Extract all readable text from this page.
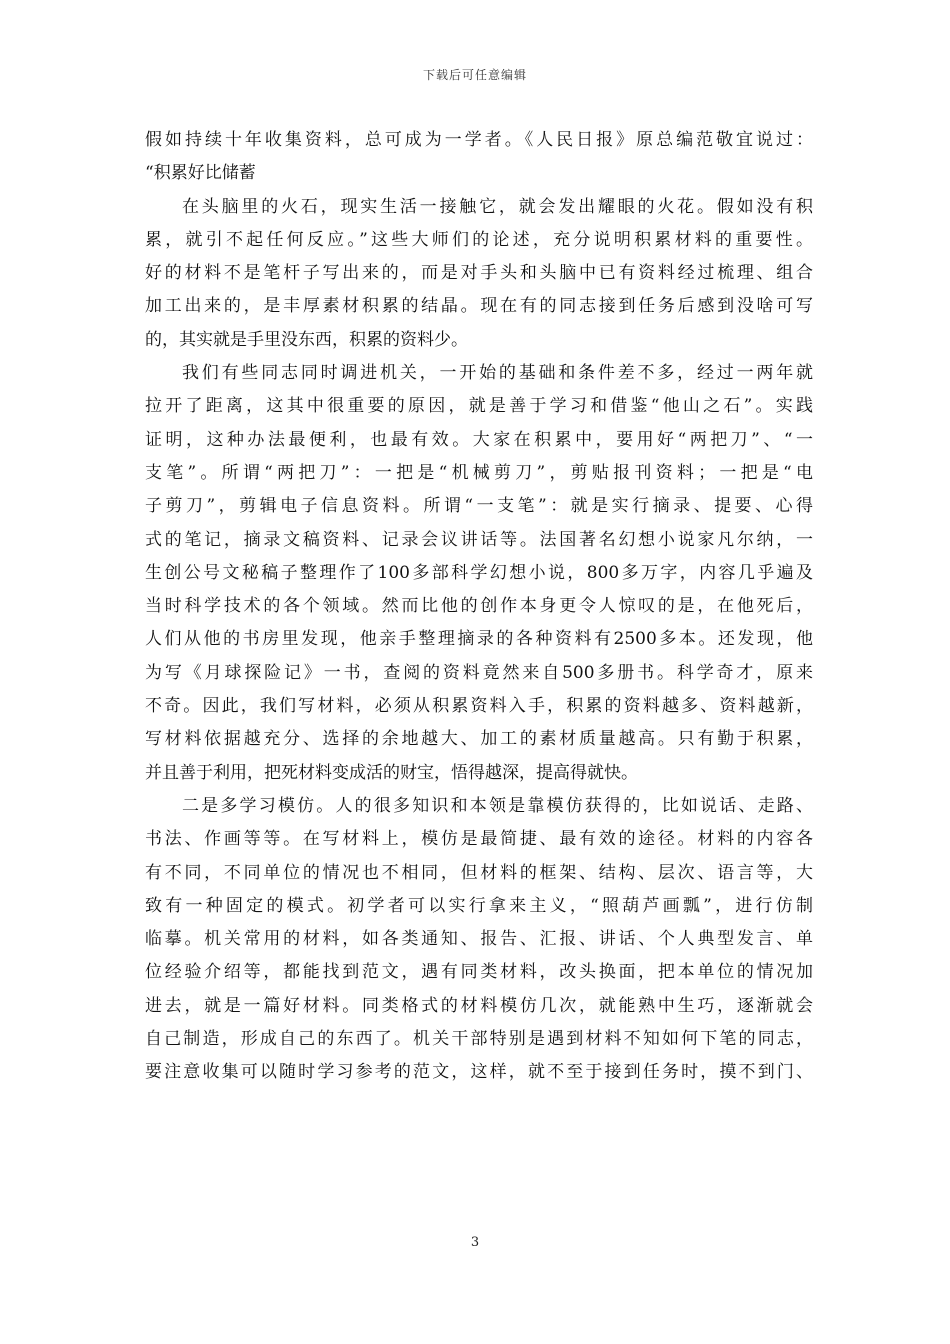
下载后可任意编辑
假如持续十年收集资料，总可成为一学者。《人民日报》原总编范敬宜说过：
“积累好比储蓄
在头脑里的火石，现实生活一接触它，就会发出耀眼的火花。假如没有积
累，就引不起任何反应。”这些大师们的论述，充分说明积累材料的重要性。
好的材料不是笔杆子写出来的，而是对手头和头脑中已有资料经过梳理、组合
加工出来的，是丰厚素材积累的结晶。现在有的同志接到任务后感到没啥可写
的，其实就是手里没东西，积累的资料少。
我们有些同志同时调进机关，一开始的基础和条件差不多，经过一两年就
拉开了距离，这其中很重要的原因，就是善于学习和借鉴“他山之石”。实践
证明，这种办法最便利，也最有效。大家在积累中，要用好“两把刀”、“一
支笔”。所谓“两把刀”：一把是“机械剪刀”，剪贴报刊资料；一把是“电
子剪刀”，剪辑电子信息资料。所谓“一支笔”：就是实行摘录、提要、心得
式的笔记，摘录文稿资料、记录会议讲话等。法国著名幻想小说家凡尔纳，一
生创公号文秘稿子整理作了100多部科学幻想小说，800多万字，内容几乎遍及
当时科学技术的各个领域。然而比他的创作本身更令人惊叹的是，在他死后，
人们从他的书房里发现，他亲手整理摘录的各种资料有2500多本。还发现，他
为写《月球探险记》一书，查阅的资料竟然来自500多册书。科学奇才，原来
不奇。因此，我们写材料，必须从积累资料入手，积累的资料越多、资料越新，
写材料依据越充分、选择的余地越大、加工的素材质量越高。只有勤于积累，
并且善于利用，把死材料变成活的财宝，悟得越深，提高得就快。
二是多学习模仿。人的很多知识和本领是靠模仿获得的，比如说话、走路、
书法、作画等等。在写材料上，模仿是最简捷、最有效的途径。材料的内容各
有不同，不同单位的情况也不相同，但材料的框架、结构、层次、语言等，大
致有一种固定的模式。初学者可以实行拿来主义，“照葫芦画瓢”，进行仿制
临摹。机关常用的材料，如各类通知、报告、汇报、讲话、个人典型发言、单
位经验介绍等，都能找到范文，遇有同类材料，改头换面，把本单位的情况加
进去，就是一篇好材料。同类格式的材料模仿几次，就能熟中生巧，逐渐就会
自己制造，形成自己的东西了。机关干部特别是遇到材料不知如何下笔的同志，
要注意收集可以随时学习参考的范文，这样，就不至于接到任务时，摸不到门、
3
